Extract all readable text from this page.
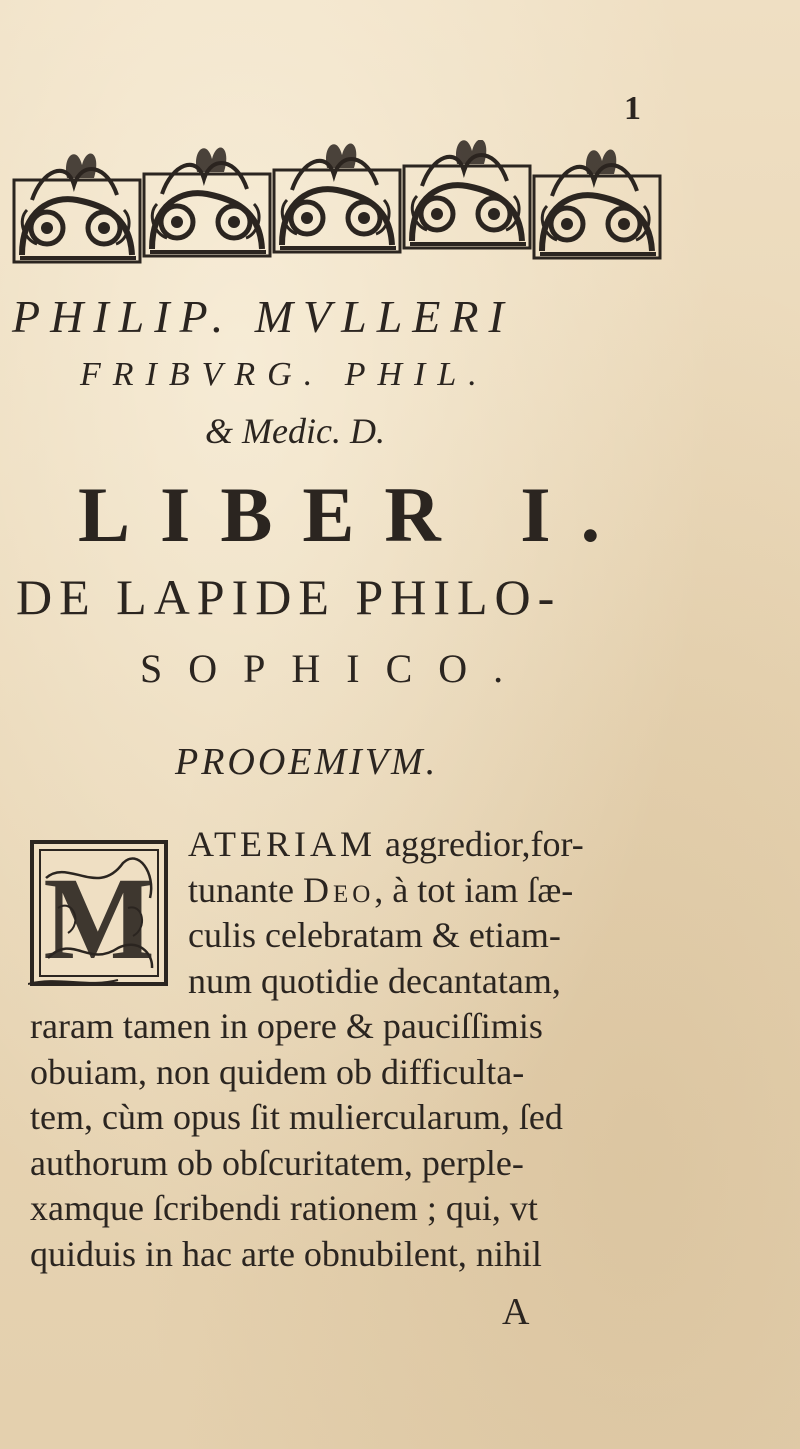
1
PHILIP. MVLLERI
FRIBVRG. PHIL.
& Medic. D.
LIBER I.
DE LAPIDE PHILO-
SOPHICO.
PROOEMIVM.
M
ATERIAM aggredior,for-
tunante Deo, à tot iam ſæ-
culis celebratam & etiam-
num quotidie decantatam,
raram tamen in opere & pauciſſimis
obuiam, non quidem ob difficulta-
tem, cùm opus ſit muliercularum, ſed
authorum ob obſcuritatem, perple-
xamque ſcribendi rationem ; qui, vt
quiduis in hac arte obnubilent, nihil
A
